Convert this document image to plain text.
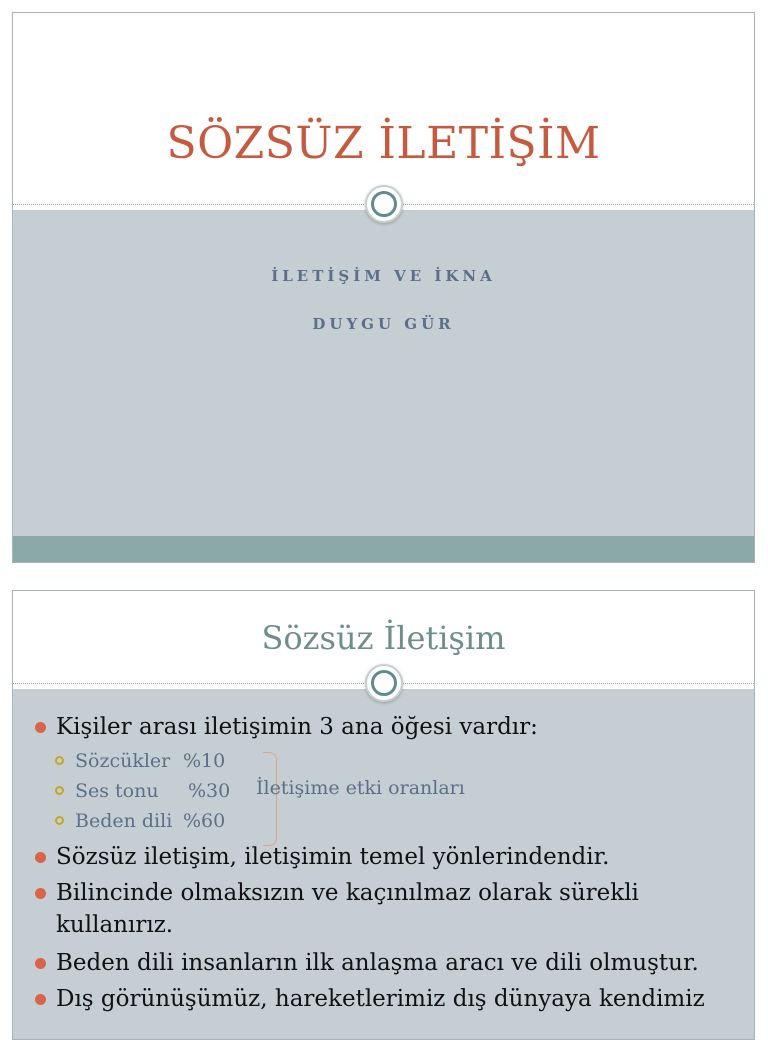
SÖZSÜZ İLETİŞİM
İLETİŞİM VE İKNA
DUYGU GÜR
Sözsüz İletişim
Kişiler arası iletişimin 3 ana öğesi vardır:
Sözcükler %10
Ses tonu %30
Beden dili %60
İletişime etki oranları
Sözsüz iletişim, iletişimin temel yönlerindendir.
Bilincinde olmaksızın ve kaçınılmaz olarak sürekli
kullanırız.
Beden dili insanların ilk anlaşma aracı ve dili olmuştur.
Dış görünüşümüz, hareketlerimiz dış dünyaya kendimiz
